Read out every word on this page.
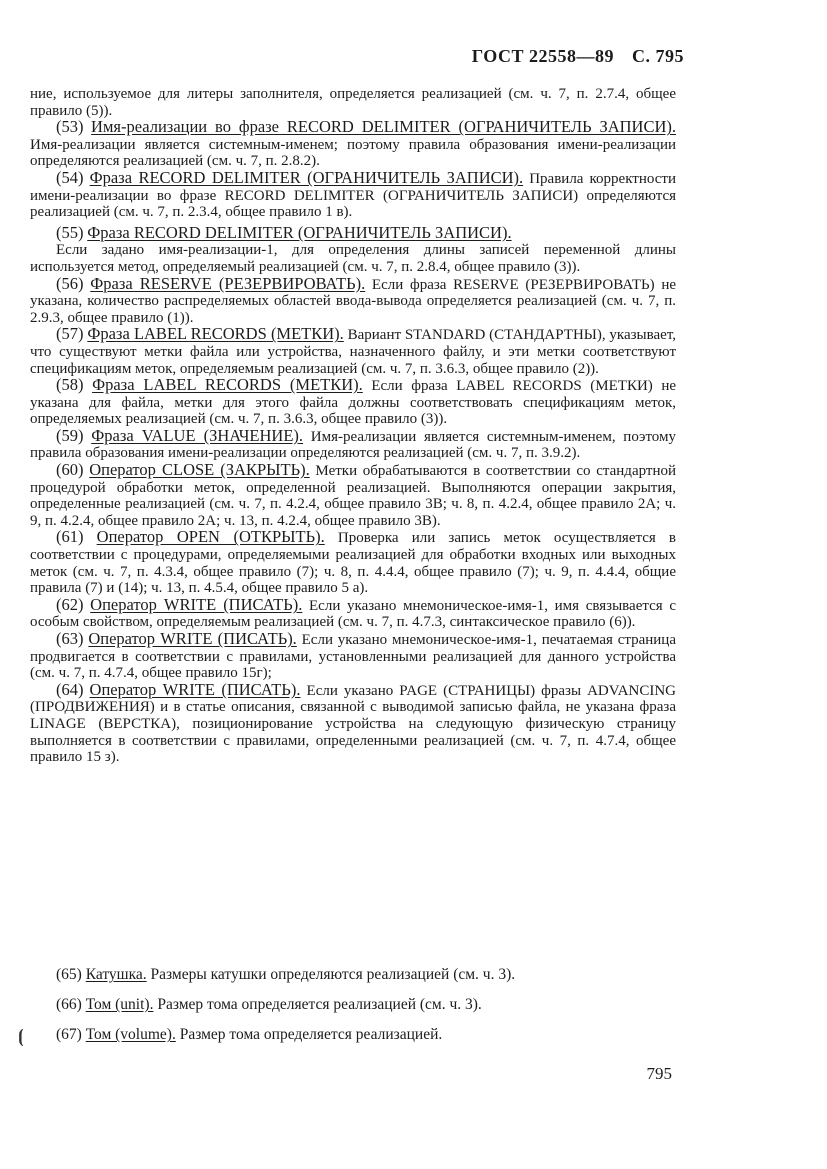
ГОСТ 22558—89 С. 795

ние, используемое для литеры заполнителя, определяется реализацией (см. ч. 7, п. 2.7.4, общее правило (5)).

(53) Имя-реализации во фразе RECORD DELIMITER (ОГРАНИЧИТЕЛЬ ЗАПИСИ). Имя-реализации является системным-именем; поэтому правила образования имени-реализации определяются реализацией (см. ч. 7, п. 2.8.2).

(54) Фраза RECORD DELIMITER (ОГРАНИЧИТЕЛЬ ЗАПИСИ). Правила корректности имени-реализации во фразе RECORD DELIMITER (ОГРАНИЧИТЕЛЬ ЗАПИСИ) определяются реализацией (см. ч. 7, п. 2.3.4, общее правило 1 в).

(55) Фраза RECORD DELIMITER (ОГРАНИЧИТЕЛЬ ЗАПИСИ).

Если задано имя-реализации-1, для определения длины записей переменной длины используется метод, определяемый реализацией (см. ч. 7, п. 2.8.4, общее правило (3)).

(56) Фраза RESERVE (РЕЗЕРВИРОВАТЬ). Если фраза RESERVE (РЕЗЕРВИРОВАТЬ) не указана, количество распределяемых областей ввода-вывода определяется реализацией (см. ч. 7, п. 2.9.3, общее правило (1)).

(57) Фраза LABEL RECORDS (МЕТКИ). Вариант STANDARD (СТАНДАРТНЫ), указывает, что существуют метки файла или устройства, назначенного файлу, и эти метки соответствуют спецификациям меток, определяемым реализацией (см. ч. 7, п. 3.6.3, общее правило (2)).

(58) Фраза LABEL RECORDS (МЕТКИ). Если фраза LABEL RECORDS (МЕТКИ) не указана для файла, метки для этого файла должны соответствовать спецификациям меток, определяемых реализацией (см. ч. 7, п. 3.6.3, общее правило (3)).

(59) Фраза VALUE (ЗНАЧЕНИЕ). Имя-реализации является системным-именем, поэтому правила образования имени-реализации определяются реализацией (см. ч. 7, п. 3.9.2).

(60) Оператор CLOSE (ЗАКРЫТЬ). Метки обрабатываются в соответствии со стандартной процедурой обработки меток, определенной реализацией. Выполняются операции закрытия, определенные реализацией (см. ч. 7, п. 4.2.4, общее правило 3В; ч. 8, п. 4.2.4, общее правило 2А; ч. 9, п. 4.2.4, общее правило 2А; ч. 13, п. 4.2.4, общее правило 3В).

(61) Оператор OPEN (ОТКРЫТЬ). Проверка или запись меток осуществляется в соответствии с процедурами, определяемыми реализацией для обработки входных или выходных меток (см. ч. 7, п. 4.3.4, общее правило (7); ч. 8, п. 4.4.4, общее правило (7); ч. 9, п. 4.4.4, общие правила (7) и (14); ч. 13, п. 4.5.4, общее правило 5 а).

(62) Оператор WRITE (ПИСАТЬ). Если указано мнемоническое-имя-1, имя связывается с особым свойством, определяемым реализацией (см. ч. 7, п. 4.7.3, синтаксическое правило (6)).

(63) Оператор WRITE (ПИСАТЬ). Если указано мнемоническое-имя-1, печатаемая страница продвигается в соответствии с правилами, установленными реализацией для данного устройства (см. ч. 7, п. 4.7.4, общее правило 15г);

(64) Оператор WRITE (ПИСАТЬ). Если указано PAGE (СТРАНИЦЫ) фразы ADVANCING (ПРОДВИЖЕНИЯ) и в статье описания, связанной с выводимой записью файла, не указана фраза LINAGE (ВЕРСТКА), позиционирование устройства на следующую физическую страницу выполняется в соответствии с правилами, определенными реализацией (см. ч. 7, п. 4.7.4, общее правило 15 з).

(65) Катушка. Размеры катушки определяются реализацией (см. ч. 3).

(66) Том (unit). Размер тома определяется реализацией (см. ч. 3).

⦗	(67) Том (volume). Размер тома определяется реализацией.

795
